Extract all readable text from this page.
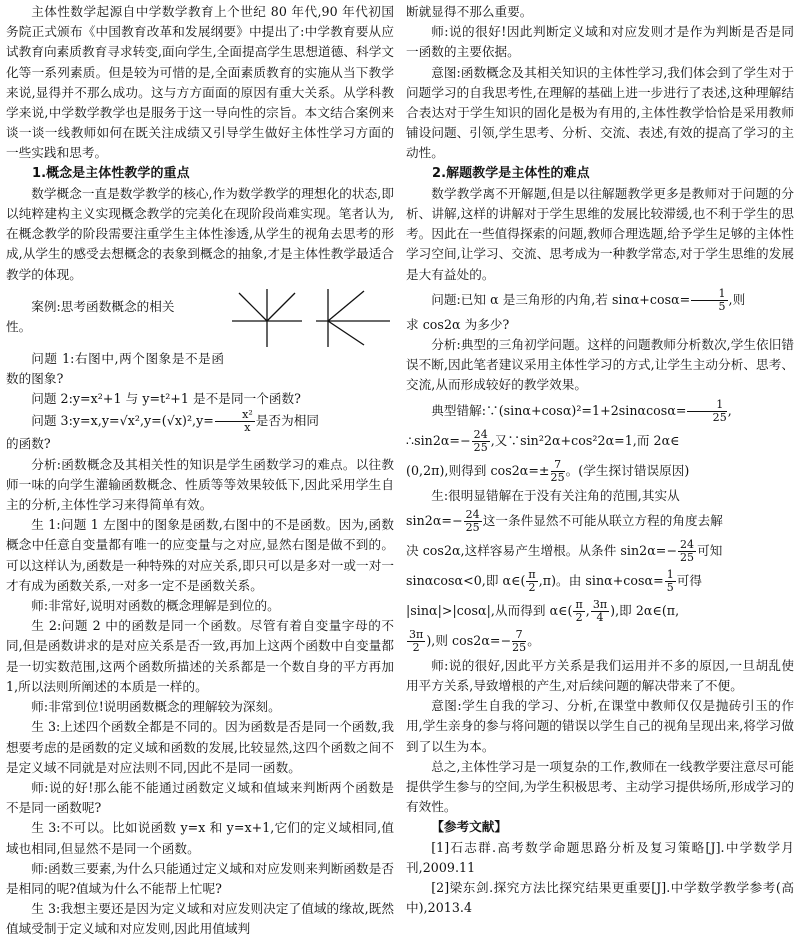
主体性数学起源自中学数学教育上个世纪 80 年代,90 年代初国务院正式颁布《中国教育改革和发展纲要》中提出了:中学教育要从应试教育向素质教育寻求转变,面向学生,全面提高学生思想道德、科学文化等一系列素质。但是较为可惜的是,全面素质教育的实施从当下教学来说,显得并不那么成功。这与方方面面的原因有重大关系。从学科教学来说,中学数学教学也是服务于这一导向性的宗旨。本文结合案例来谈一谈一线教师如何在既关注成绩又引导学生做好主体性学习方面的一些实践和思考。

1.概念是主体性教学的重点

数学概念一直是数学教学的核心,作为数学教学的理想化的状态,即以纯粹建构主义实现概念教学的完美化在现阶段尚难实现。笔者认为,在概念教学的阶段需要注重学生主体性渗透,从学生的视角去思考的形成,从学生的感受去想概念的表象到概念的抽象,才是主体性教学最适合教学的体现。

案例:思考函数概念的相关

性。

问题 1:右图中,两个图象是不是函数的图象?

问题 2:y=x²+1 与 y=t²+1 是不是同一个函数?

问题 3:y=x,y=√x²,y=(√x)²,y= $\frac{\text{x²}}{x}$ 是否为相同

的函数?

分析:函数概念及其相关性的知识是学生函数学习的难点。以往教师一味的向学生灌输函数概念、性质等等效果较低下,因此采用学生自主的分析,主体性学习来得简单有效。

生 1:问题 1 左图中的图象是函数,右图中的不是函数。因为,函数概念中任意自变量都有唯一的应变量与之对应,显然右图是做不到的。可以这样认为,函数是一种特殊的对应关系,即只可以是多对一或一对一才有成为函数关系,一对多一定不是函数关系。

师:非常好,说明对函数的概念理解是到位的。

生 2:问题 2 中的函数是同一个函数。尽管有着自变量字母的不同,但是函数讲求的是对应关系是否一致,再加上这两个函数中自变量都是一切实数范围,这两个函数所描述的关系都是一个数自身的平方再加 1,所以法则所阐述的本质是一样的。

师:非常到位!说明函数概念的理解较为深刻。

生 3:上述四个函数全都是不同的。因为函数是否是同一个函数,我想要考虑的是函数的定义域和函数的发展,比较显然,这四个函数之间不是定义域不同就是对应法则不同,因此不是同一函数。

师:说的好!那么能不能通过函数定义域和值域来判断两个函数是不是同一函数呢?

生 3:不可以。比如说函数 y=x 和 y=x+1,它们的定义域相同,值域也相同,但显然不是同一个函数。

师:函数三要素,为什么只能通过定义域和对应发则来判断函数是否是相同的呢?值域为什么不能帮上忙呢?

生 3:我想主要还是因为定义域和对应发则决定了值域的缘故,既然值域受制于定义域和对应发则,因此用值域判

断就显得不那么重要。

师:说的很好!因此判断定义域和对应发则才是作为判断是否是同一函数的主要依据。

意图:函数概念及其相关知识的主体性学习,我们体会到了学生对于问题学习的自我思考性,在理解的基础上进一步进行了表述,这种理解结合表达对于学生知识的固化是极为有用的,主体性教学恰恰是采用教师铺设问题、引领,学生思考、分析、交流、表述,有效的提高了学习的主动性。

2.解题教学是主体性的难点

数学教学离不开解题,但是以往解题教学更多是教师对于问题的分析、讲解,这样的讲解对于学生思维的发展比较滞缓,也不利于学生的思考。因此在一些值得探索的问题,教师合理选题,给予学生足够的主体性学习空间,让学习、交流、思考成为一种教学常态,对于学生思维的发展是大有益处的。

问题:已知 α 是三角形的内角,若 $\sin\alpha+\cos\alpha= \frac{1}{5}$ ,则

求 cos2α 为多少?

分析:典型的三角初学问题。这样的问题教师分析数次,学生依旧错误不断,因此笔者建议采用主体性学习的方式,让学生主动分析、思考、交流,从而形成较好的教学效果。

典型错解:∵(sinα+cosα)²=1+2sinαcosα= $\frac{1}{25}$ ,

∴sin2α=− $\frac{24}{25}$ ,又∵sin²2α+cos²2α=1,而 2α∈

(0,2π),则得到 $\cos 2\alpha=\pm \frac{7}{25}$ 。(学生探讨错误原因)

生:很明显错解在于没有关注角的范围,其实从

$\sin 2\alpha=- \frac{24}{25}$ 这一条件显然不可能从联立方程的角度去解

决 cos2α,这样容易产生增根。从条件 $\sin 2\alpha=- \frac{24}{25}$ 可知

sinαcosα<0,即 α∈( $\frac{\pi}{2} ,\pi$)。由 $\sin\alpha+\cos\alpha= \frac{1}{5}$ 可得

|sinα|>|cosα|,从而得到 α∈( $\frac{\pi}{2}$ , $\frac{3\pi}{4}$ ),即 2α∈(π,

$\frac{3\pi}{2}$ ),则 $\cos 2\alpha=- \frac{7}{25}$ 。

师:说的很好,因此平方关系是我们运用并不多的原因,一旦胡乱使用平方关系,导致增根的产生,对后续问题的解决带来了不便。

意图:学生自我的学习、分析,在课堂中教师仅仅是抛砖引玉的作用,学生亲身的参与将问题的错误以学生自己的视角呈现出来,将学习做到了以生为本。

总之,主体性学习是一项复杂的工作,教师在一线教学要注意尽可能提供学生参与的空间,为学生积极思考、主动学习提供场所,形成学习的有效性。

【参考文献】

[1]石志群.高考数学命题思路分析及复习策略[J].中学数学月刊,2009.11

[2]梁东剑.探究方法比探究结果更重要[J].中学数学教学参考(高中),2013.4
